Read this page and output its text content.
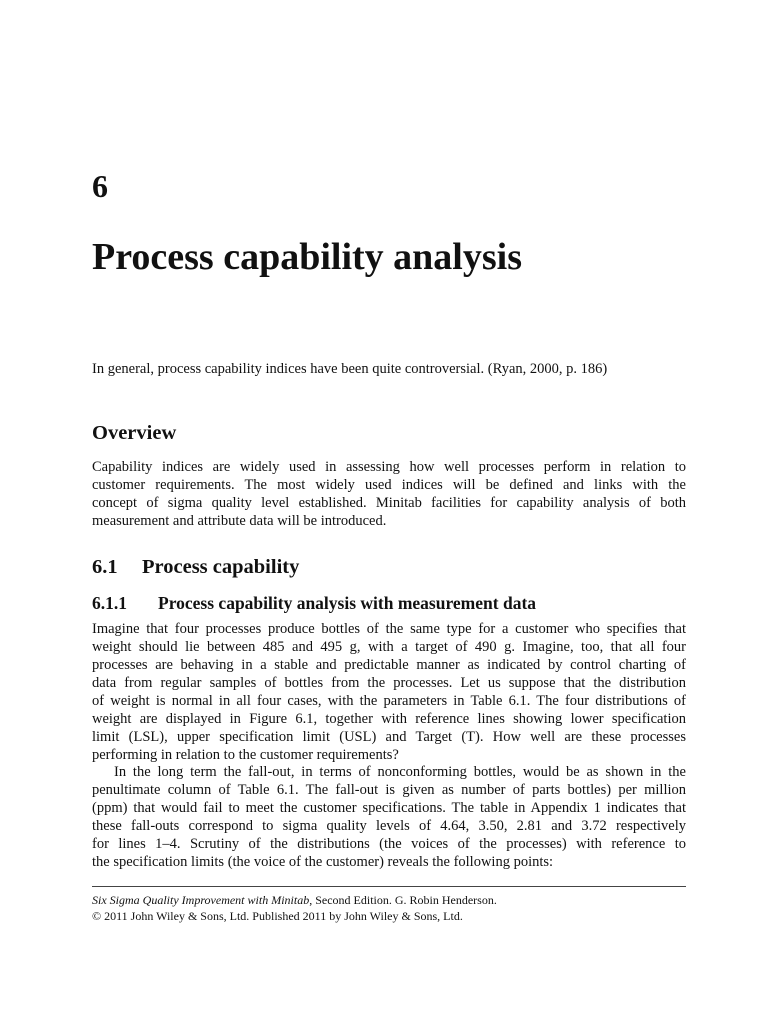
6
Process capability analysis
In general, process capability indices have been quite controversial. (Ryan, 2000, p. 186)
Overview
Capability indices are widely used in assessing how well processes perform in relation to
customer requirements. The most widely used indices will be defined and links with the
concept of sigma quality level established. Minitab facilities for capability analysis of both
measurement and attribute data will be introduced.
6.1 Process capability
6.1.1 Process capability analysis with measurement data
Imagine that four processes produce bottles of the same type for a customer who specifies that
weight should lie between 485 and 495 g, with a target of 490 g. Imagine, too, that all four
processes are behaving in a stable and predictable manner as indicated by control charting of
data from regular samples of bottles from the processes. Let us suppose that the distribution
of weight is normal in all four cases, with the parameters in Table 6.1. The four distributions of
weight are displayed in Figure 6.1, together with reference lines showing lower specification
limit (LSL), upper specification limit (USL) and Target (T). How well are these processes
performing in relation to the customer requirements?
In the long term the fall-out, in terms of nonconforming bottles, would be as shown in the
penultimate column of Table 6.1. The fall-out is given as number of parts bottles) per million
(ppm) that would fail to meet the customer specifications. The table in Appendix 1 indicates that
these fall-outs correspond to sigma quality levels of 4.64, 3.50, 2.81 and 3.72 respectively
for lines 1–4. Scrutiny of the distributions (the voices of the processes) with reference to
the specification limits (the voice of the customer) reveals the following points:
Six Sigma Quality Improvement with Minitab, Second Edition. G. Robin Henderson.
© 2011 John Wiley & Sons, Ltd. Published 2011 by John Wiley & Sons, Ltd.
